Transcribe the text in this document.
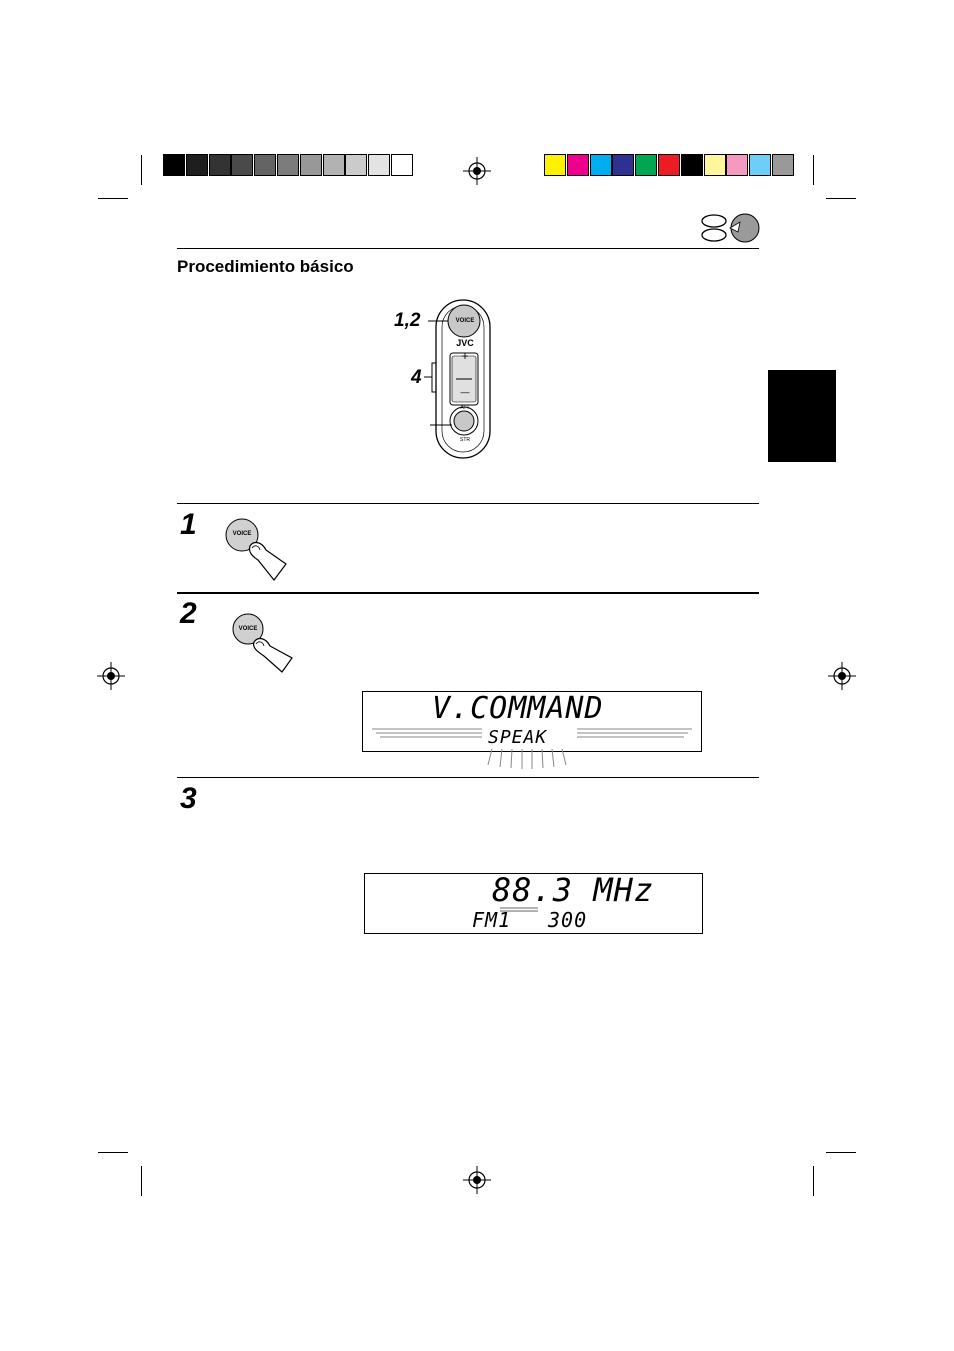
Procedimiento básico
1,2
4
VOICE
JVC
+
—
ATT
STR
1	VOICE
2	VOICE
V.COMMAND
SPEAK
3
88.3 MHz
FM1 300
